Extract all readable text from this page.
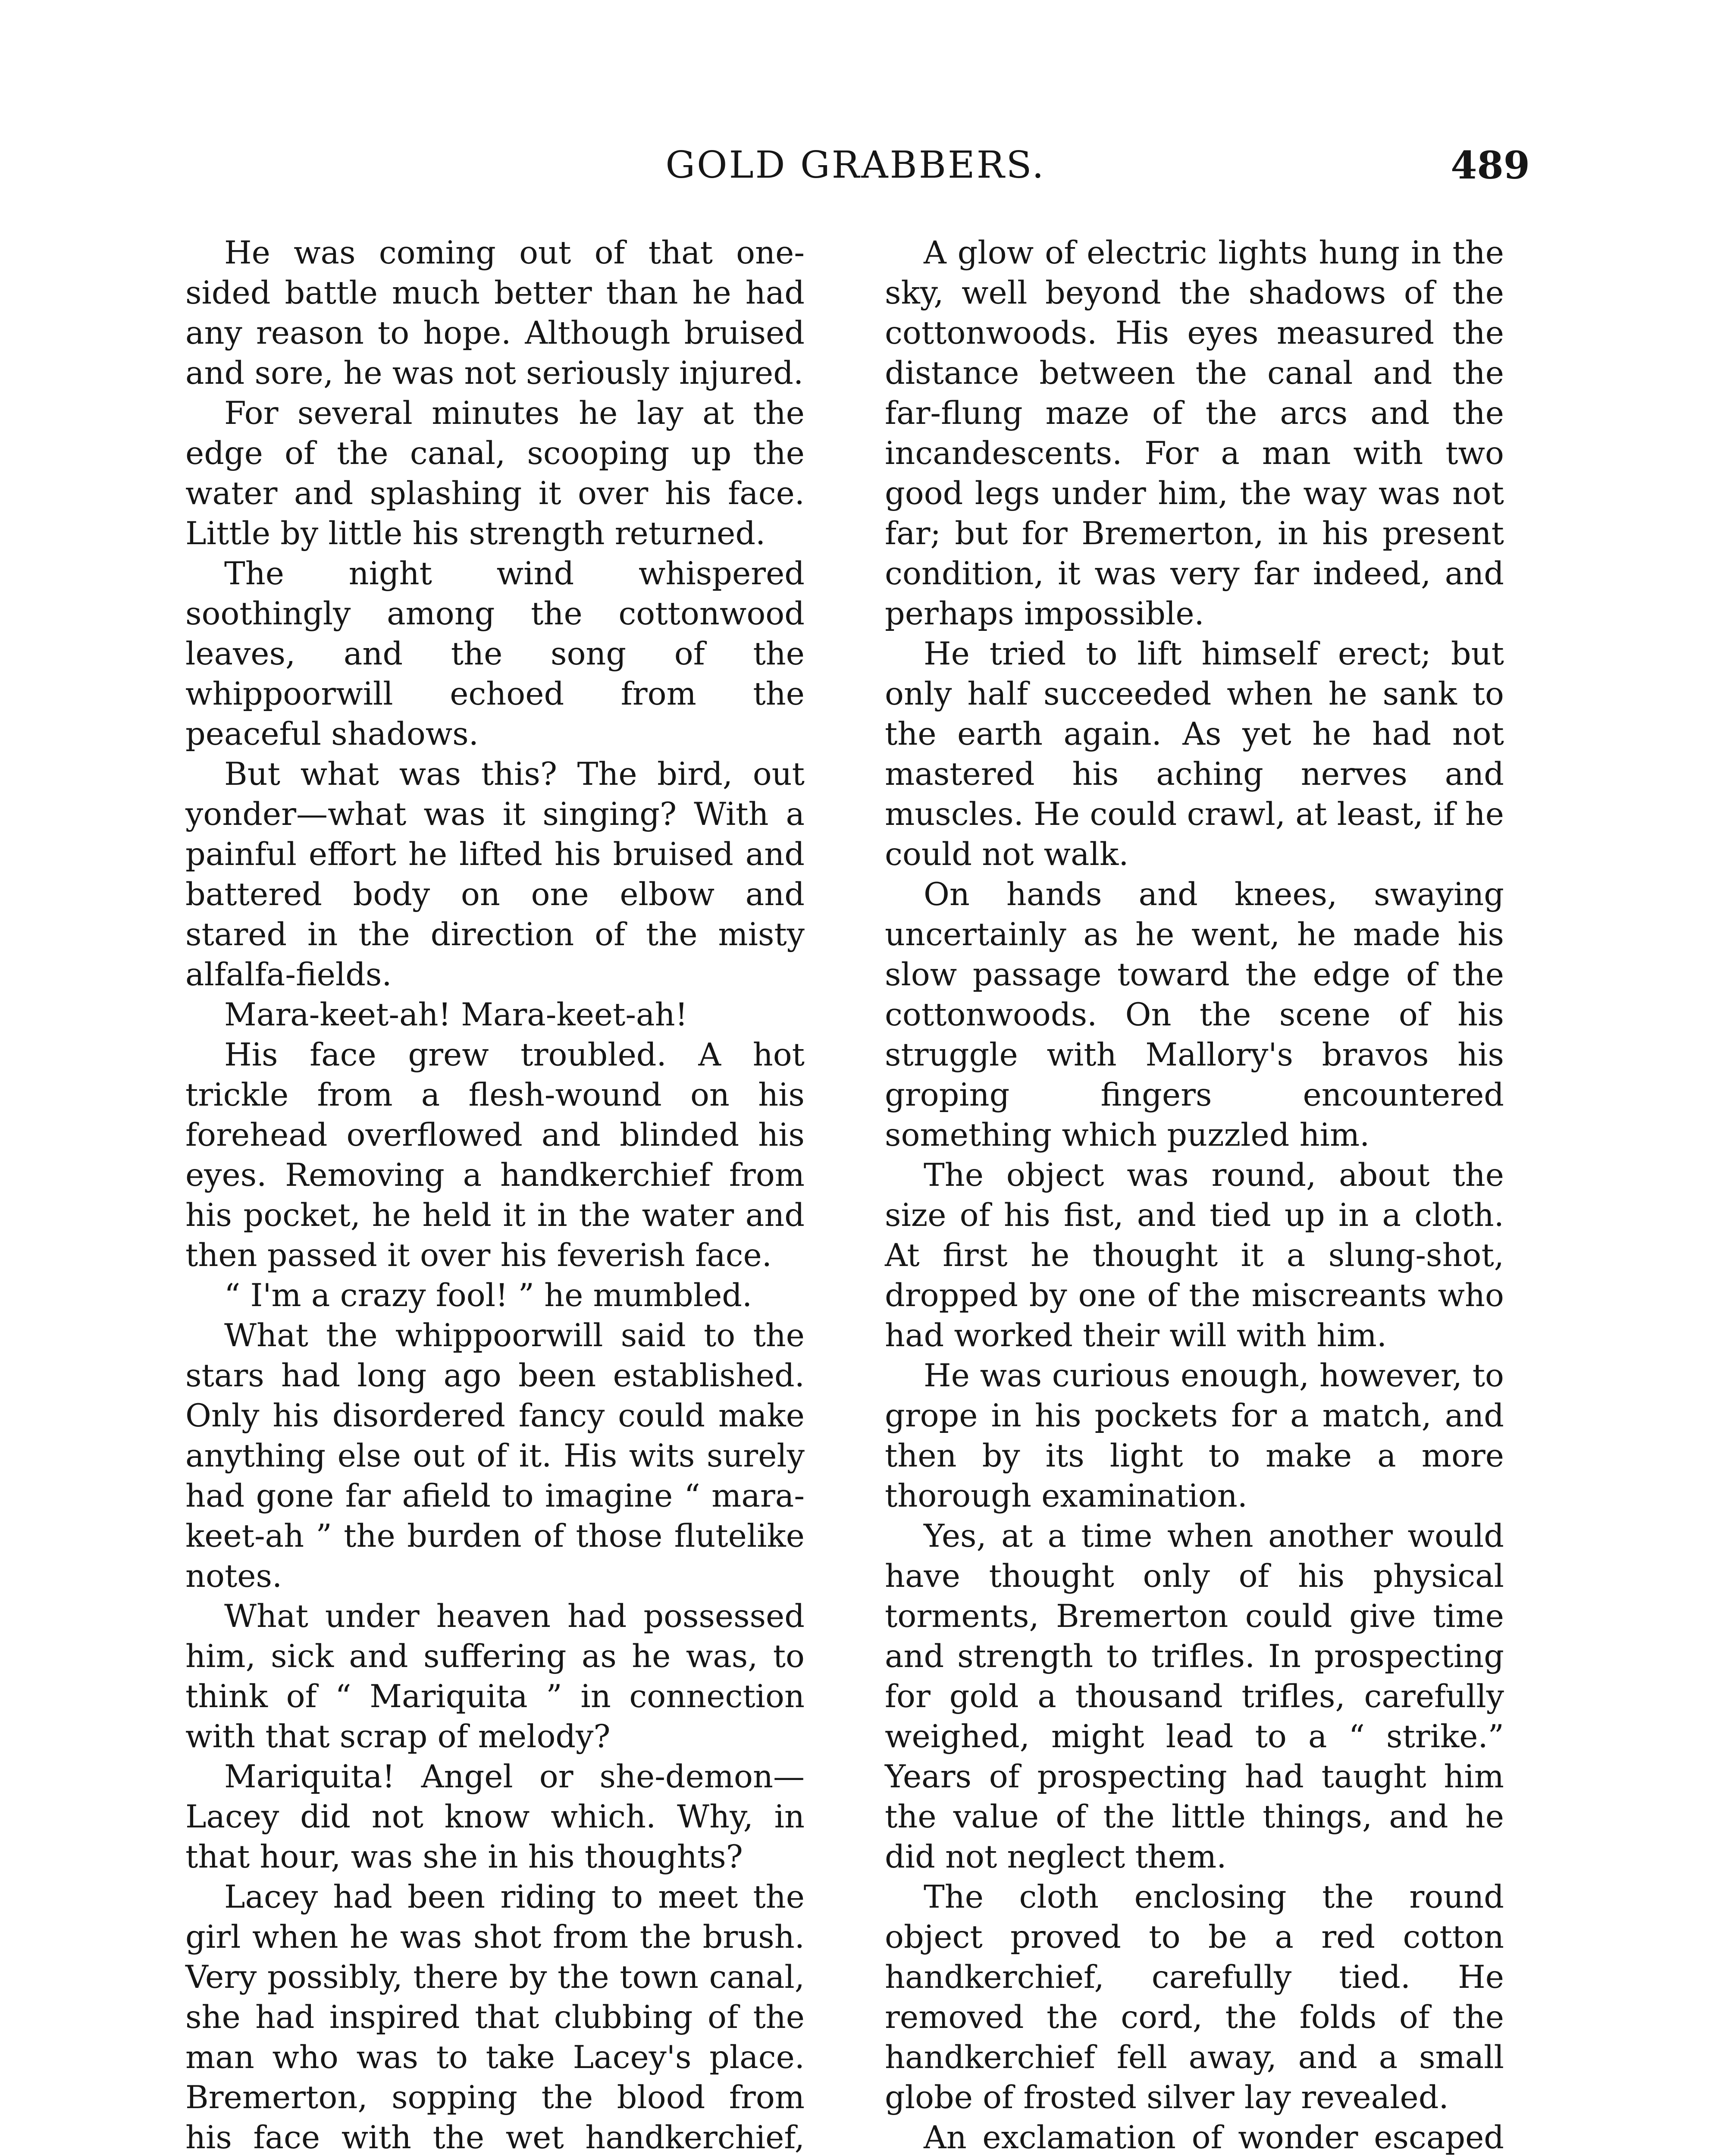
GOLD GRABBERS.	489

He was coming out of that one-sided battle much better than he had any reason to hope. Although bruised and sore, he was not seriously injured.

For several minutes he lay at the edge of the canal, scooping up the water and splashing it over his face. Little by little his strength returned.

The night wind whispered soothingly among the cottonwood leaves, and the song of the whippoorwill echoed from the peaceful shadows.

But what was this? The bird, out yonder—what was it singing? With a painful effort he lifted his bruised and battered body on one elbow and stared in the direction of the misty alfalfa-fields.

Mara-keet-ah! Mara-keet-ah!

His face grew troubled. A hot trickle from a flesh-wound on his forehead overflowed and blinded his eyes. Removing a handkerchief from his pocket, he held it in the water and then passed it over his feverish face.

“ I'm a crazy fool! ” he mumbled.

What the whippoorwill said to the stars had long ago been established. Only his disordered fancy could make anything else out of it. His wits surely had gone far afield to imagine “ mara-keet-ah ” the burden of those flutelike notes.

What under heaven had possessed him, sick and suffering as he was, to think of “ Mariquita ” in connection with that scrap of melody?

Mariquita! Angel or she-demon—Lacey did not know which. Why, in that hour, was she in his thoughts?

Lacey had been riding to meet the girl when he was shot from the brush. Very possibly, there by the town canal, she had inspired that clubbing of the man who was to take Lacey's place. Bremerton, sopping the blood from his face with the wet handkerchief,

A glow of electric lights hung in the sky, well beyond the shadows of the cottonwoods. His eyes measured the distance between the canal and the far-flung maze of the arcs and the incandescents. For a man with two good legs under him, the way was not far; but for Bremerton, in his present condition, it was very far indeed, and perhaps impossible.

He tried to lift himself erect; but only half succeeded when he sank to the earth again. As yet he had not mastered his aching nerves and muscles. He could crawl, at least, if he could not walk.

On hands and knees, swaying uncertainly as he went, he made his slow passage toward the edge of the cottonwoods. On the scene of his struggle with Mallory's bravos his groping fingers encountered something which puzzled him.

The object was round, about the size of his fist, and tied up in a cloth. At first he thought it a slung-shot, dropped by one of the miscreants who had worked their will with him.

He was curious enough, however, to grope in his pockets for a match, and then by its light to make a more thorough examination.

Yes, at a time when another would have thought only of his physical torments, Bremerton could give time and strength to trifles. In prospecting for gold a thousand trifles, carefully weighed, might lead to a “ strike.” Years of prospecting had taught him the value of the little things, and he did not neglect them.

The cloth enclosing the round object proved to be a red cotton handkerchief, carefully tied. He removed the cord, the folds of the handkerchief fell away, and a small globe of frosted silver lay revealed.

An exclamation of wonder escaped
